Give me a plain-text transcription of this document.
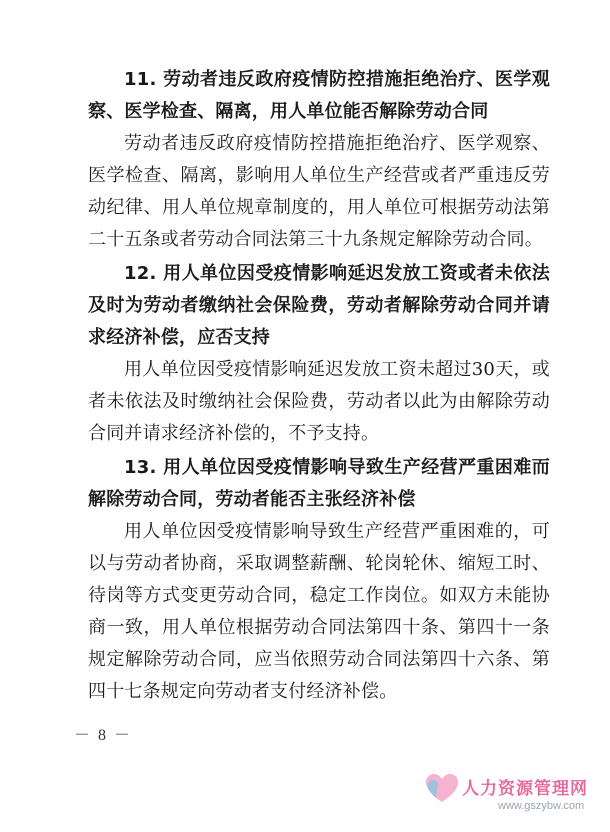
11. 劳动者违反政府疫情防控措施拒绝治疗、医学观察、医学检查、隔离，用人单位能否解除劳动合同

劳动者违反政府疫情防控措施拒绝治疗、医学观察、医学检查、隔离，影响用人单位生产经营或者严重违反劳动纪律、用人单位规章制度的，用人单位可根据劳动法第二十五条或者劳动合同法第三十九条规定解除劳动合同。

12. 用人单位因受疫情影响延迟发放工资或者未依法及时为劳动者缴纳社会保险费，劳动者解除劳动合同并请求经济补偿，应否支持

用人单位因受疫情影响延迟发放工资未超过30天，或者未依法及时缴纳社会保险费，劳动者以此为由解除劳动合同并请求经济补偿的，不予支持。

13. 用人单位因受疫情影响导致生产经营严重困难而解除劳动合同，劳动者能否主张经济补偿

用人单位因受疫情影响导致生产经营严重困难的，可以与劳动者协商，采取调整薪酬、轮岗轮休、缩短工时、待岗等方式变更劳动合同，稳定工作岗位。如双方未能协商一致，用人单位根据劳动合同法第四十条、第四十一条规定解除劳动合同，应当依照劳动合同法第四十六条、第四十七条规定向劳动者支付经济补偿。

－ 8 －
人力资源管理网
www.gszybw.com
